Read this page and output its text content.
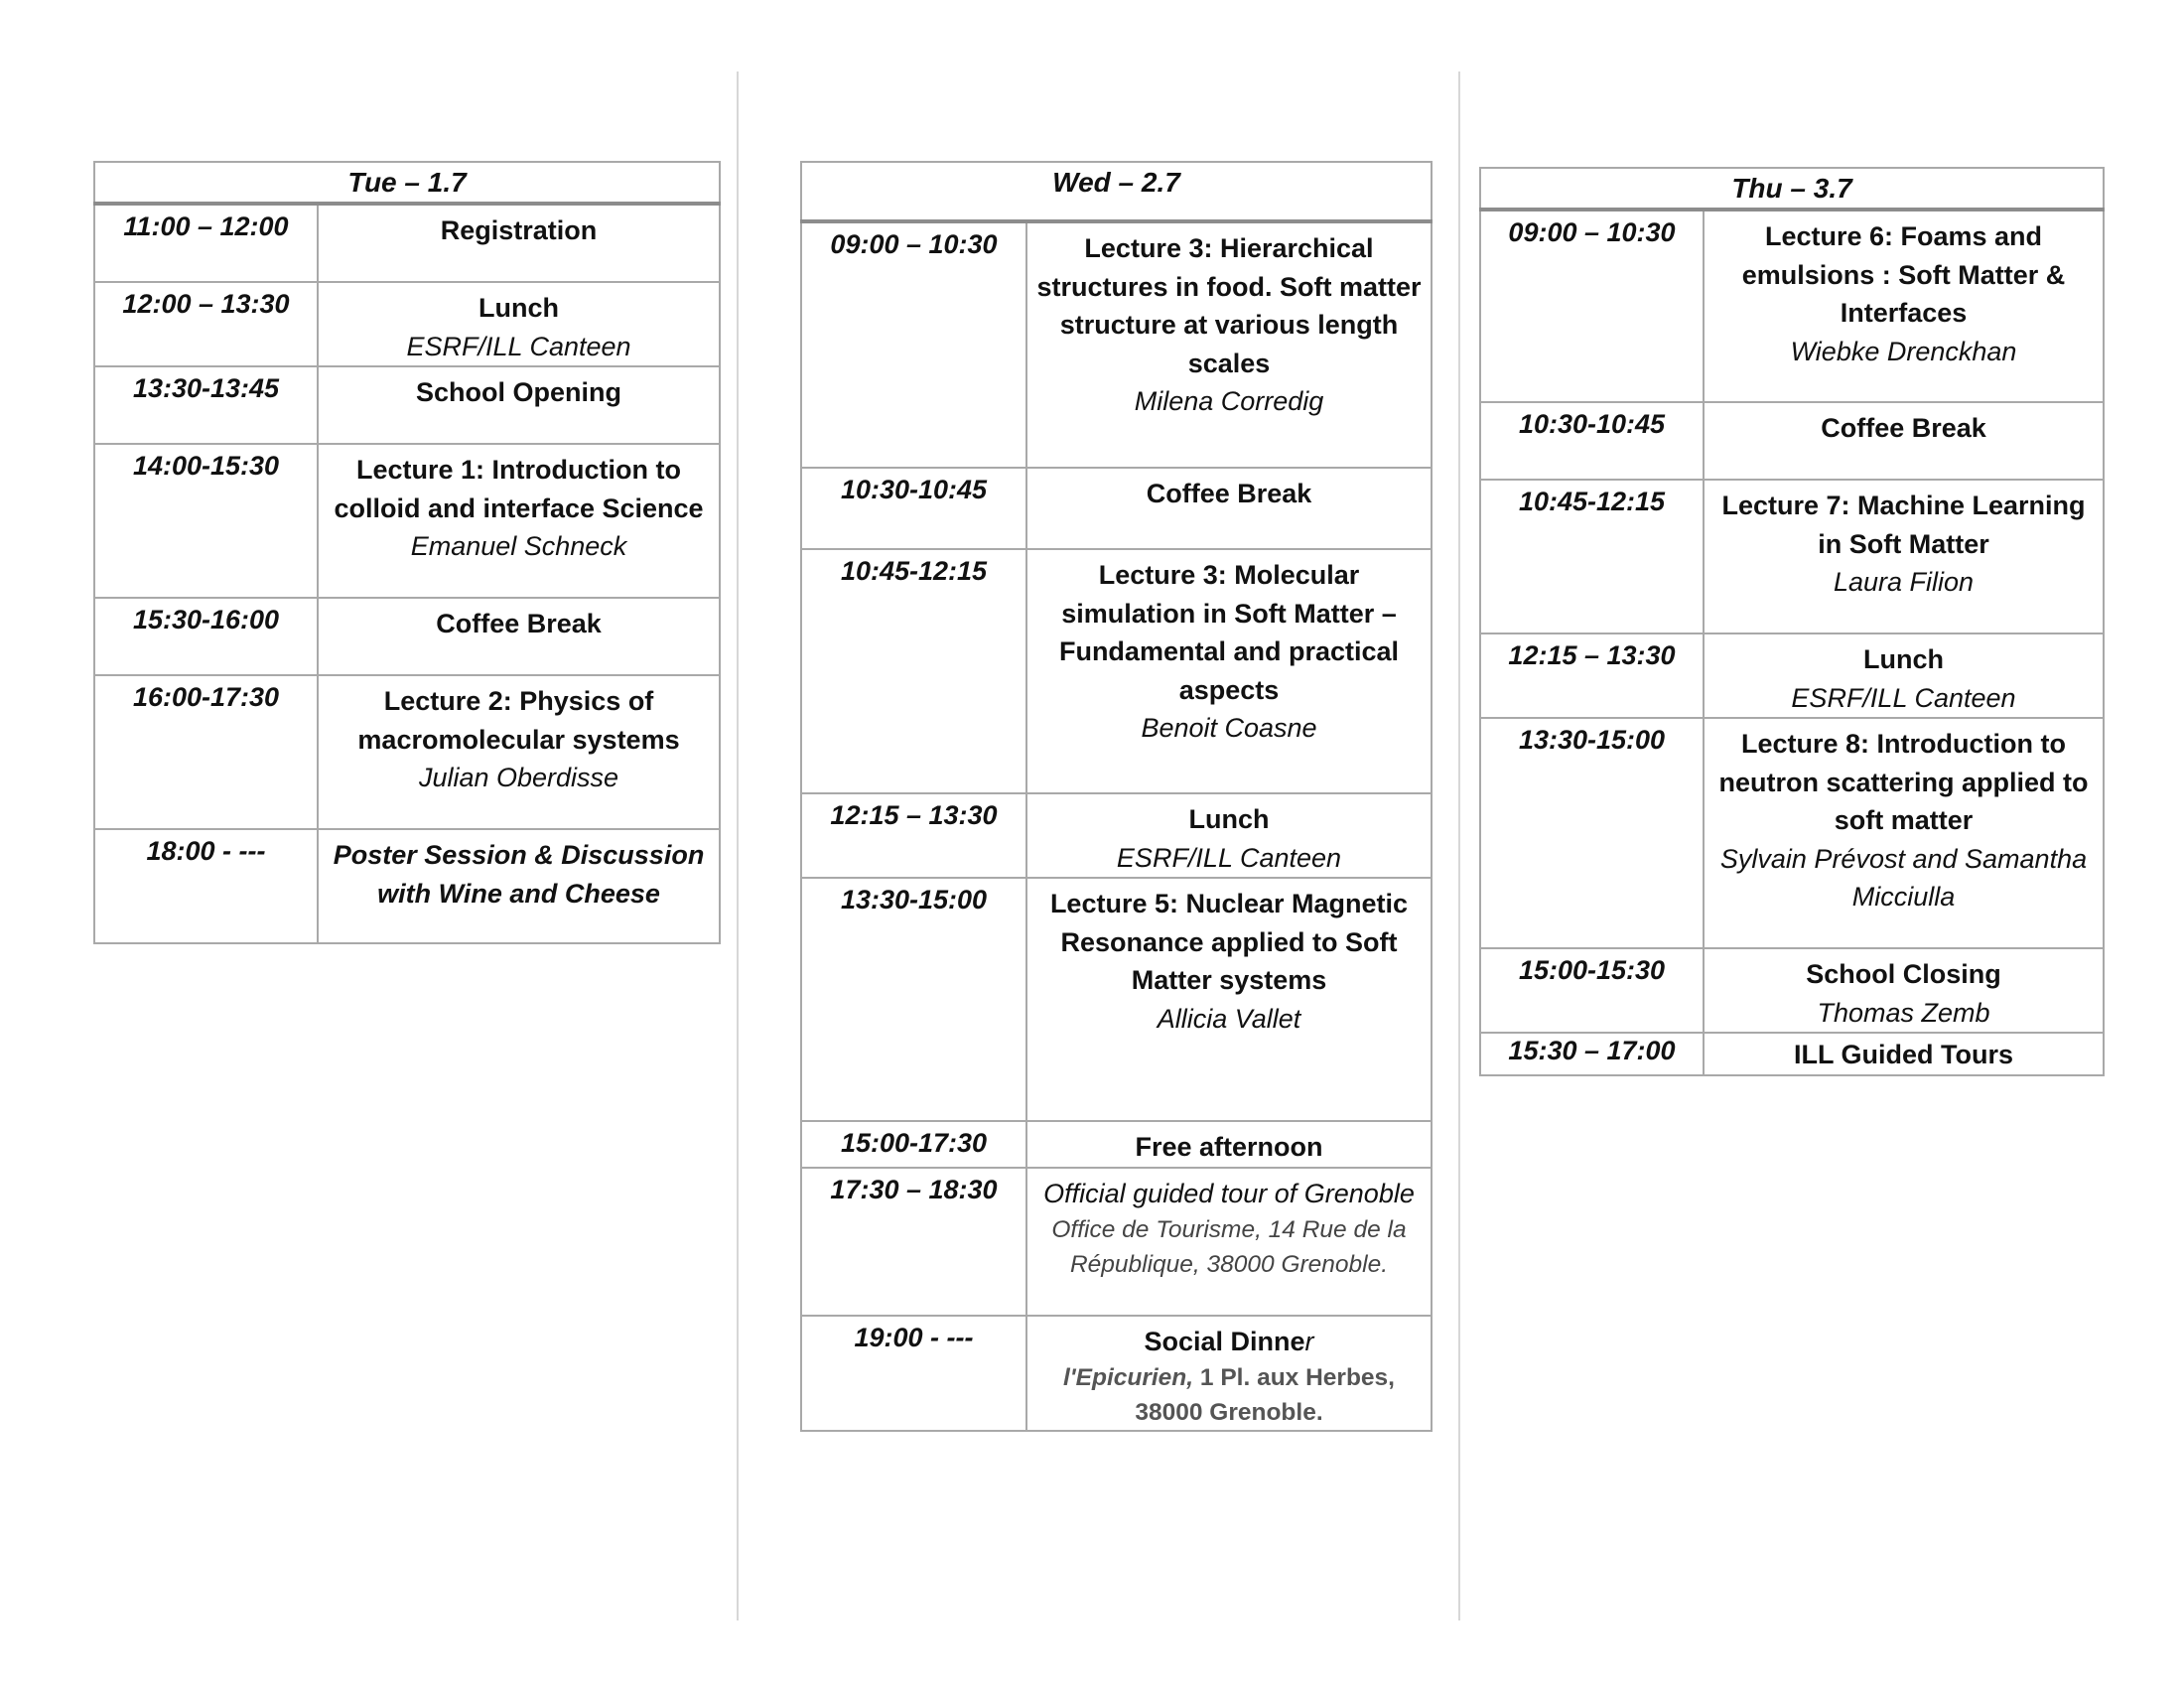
Tue – 1.7	
11:00 – 12:00	Registration

12:00 – 13:30	Lunch
ESRF/ILL Canteen

13:30-13:45	School Opening

14:00-15:30	Lecture 1: Introduction to colloid and interface Science
Emanuel Schneck

15:30-16:00	Coffee Break

16:00-17:30	Lecture 2: Physics of macromolecular systems
Julian Oberdisse

18:00 - ---	Poster Session & Discussion with Wine and Cheese
Wed – 2.7	
09:00 – 10:30	Lecture 3: Hierarchical structures in food. Soft matter structure at various length scales
Milena Corredig

10:30-10:45	Coffee Break

10:45-12:15	Lecture 3: Molecular simulation in Soft Matter – Fundamental and practical aspects
Benoit Coasne

12:15 – 13:30	Lunch
ESRF/ILL Canteen

13:30-15:00	Lecture 5: Nuclear Magnetic Resonance applied to Soft Matter systems
Allicia Vallet

15:00-17:30	Free afternoon

17:30 – 18:30	Official guided tour of Grenoble
Office de Tourisme, 14 Rue de la République, 38000 Grenoble.

19:00 - ---	Social Dinner
l'Epicurien, 1 Pl. aux Herbes, 38000 Grenoble.
Thu – 3.7	
09:00 – 10:30	Lecture 6: Foams and emulsions : Soft Matter & Interfaces
Wiebke Drenckhan

10:30-10:45	Coffee Break

10:45-12:15	Lecture 7: Machine Learning in Soft Matter
Laura Filion

12:15 – 13:30	Lunch
ESRF/ILL Canteen

13:30-15:00	Lecture 8: Introduction to neutron scattering applied to soft matter
Sylvain Prévost and Samantha Micciulla

15:00-15:30	School Closing
Thomas Zemb

15:30 – 17:00	ILL Guided Tours
